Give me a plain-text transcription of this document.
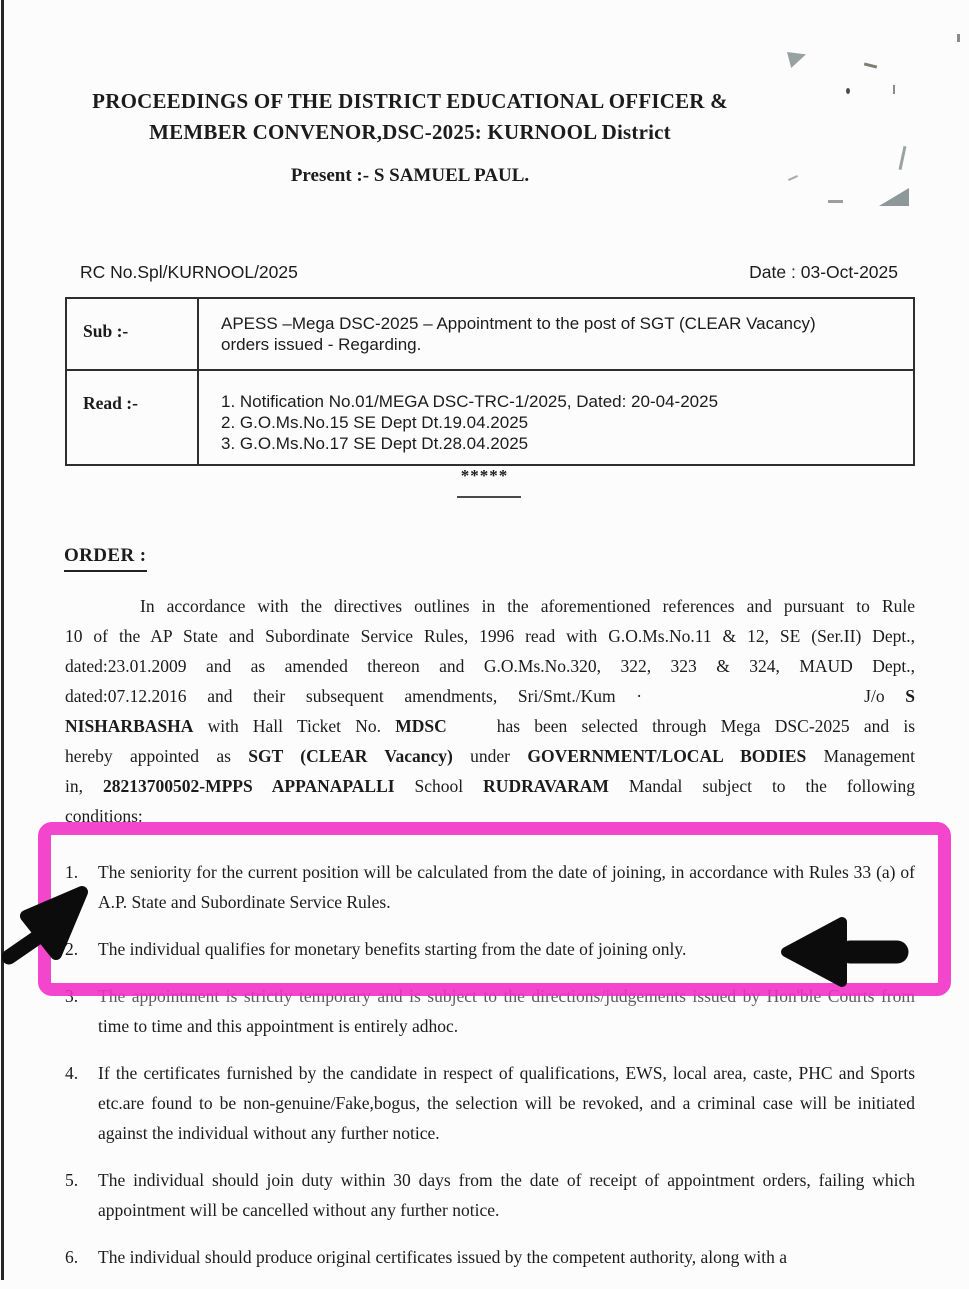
PROCEEDINGS OF THE DISTRICT EDUCATIONAL OFFICER &
MEMBER CONVENOR,DSC-2025: KURNOOL District
Present :- S SAMUEL PAUL.
RC No.Spl/KURNOOL/2025	Date : 03-Oct-2025
Sub :-	APESS –Mega DSC-2025 – Appointment to the post of SGT (CLEAR Vacancy)
orders issued - Regarding.

Read :-	1. Notification No.01/MEGA DSC-TRC-1/2025, Dated: 20-04-2025
2. G.O.Ms.No.15 SE Dept Dt.19.04.2025
3. G.O.Ms.No.17 SE Dept Dt.28.04.2025
*****
ORDER :
In accordance with the directives outlines in the aforementioned references and pursuant to Rule
10 of the AP State and Subordinate Service Rules, 1996 read with G.O.Ms.No.11 & 12, SE (Ser.II) Dept.,
dated:23.01.2009 and as amended thereon and G.O.Ms.No.320, 322, 323 & 324, MAUD Dept.,
dated:07.12.2016 and their subsequent amendments, Sri/Smt./Kum ·	J/o S
NISHARBASHA with Hall Ticket No. MDSC	has been selected through Mega DSC-2025 and is
hereby appointed as SGT (CLEAR Vacancy) under GOVERNMENT/LOCAL BODIES Management
in, 28213700502-MPPS APPANAPALLI School RUDRAVARAM Mandal subject to the following
conditions:
1. The seniority for the current position will be calculated from the date of joining, in accordance with Rules 33 (a) of A.P. State and Subordinate Service Rules.
2. The individual qualifies for monetary benefits starting from the date of joining only.
3. The appointment is strictly temporary and is subject to the directions/judgements issued by Hon'ble Courts from time to time and this appointment is entirely adhoc.
4. If the certificates furnished by the candidate in respect of qualifications, EWS, local area, caste, PHC and Sports etc.are found to be non-genuine/Fake,bogus, the selection will be revoked, and a criminal case will be initiated against the individual without any further notice.
5. The individual should join duty within 30 days from the date of receipt of appointment orders, failing which appointment will be cancelled without any further notice.
6. The individual should produce original certificates issued by the competent authority, along with a
